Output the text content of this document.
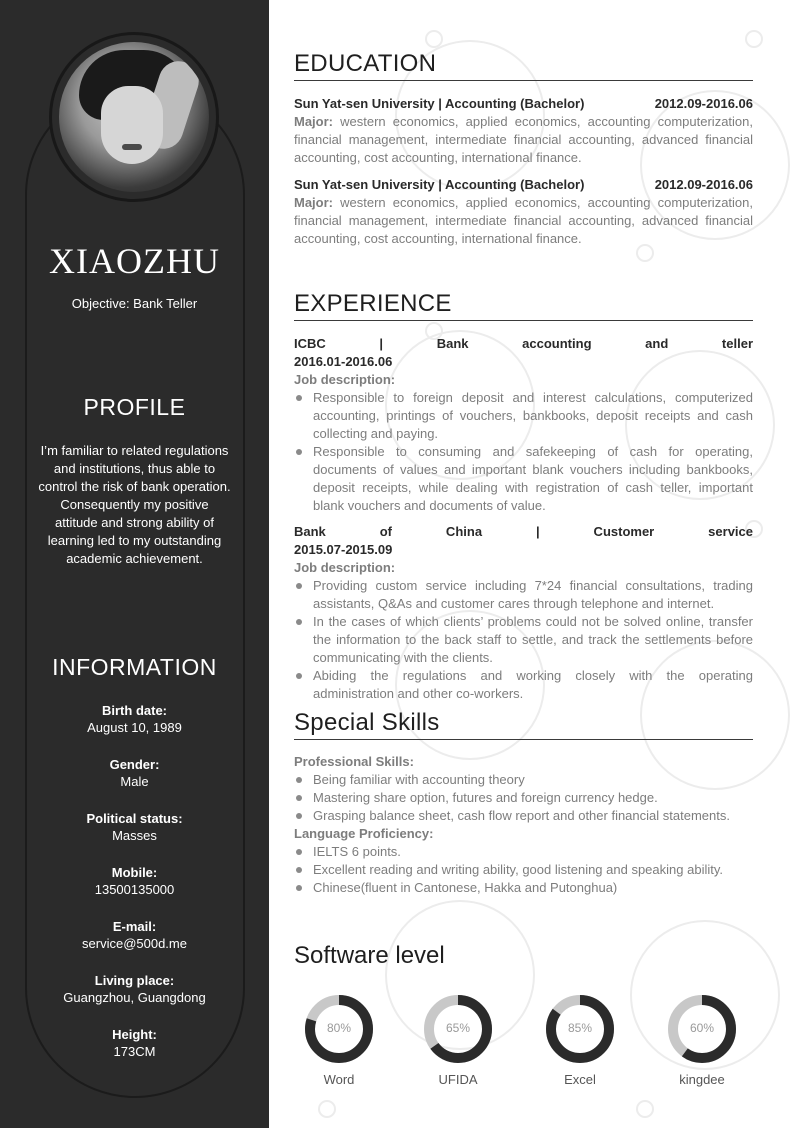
XIAOZHU
Objective: Bank Teller
PROFILE
I’m familiar to related regulations and institutions, thus able to control the risk of bank operation. Consequently my positive attitude and strong ability of learning led to my outstanding academic achievement.
INFORMATION
Birth date:
August 10, 1989
Gender:
Male
Political status:
Masses
Mobile:
13500135000
E-mail:
service@500d.me
Living place:
Guangzhou, Guangdong
Height:
173CM
EDUCATION
Sun Yat-sen University | Accounting (Bachelor)	2012.09-2016.06
Major: western economics, applied economics, accounting computerization, financial management, intermediate financial accounting, advanced financial accounting, cost accounting, international finance.
Sun Yat-sen University | Accounting (Bachelor)	2012.09-2016.06
Major: western economics, applied economics, accounting computerization, financial management, intermediate financial accounting, advanced financial accounting, cost accounting, international finance.
EXPERIENCE
ICBC | Bank accounting and teller
2016.01-2016.06
Job description:
Responsible to foreign deposit and interest calculations, computerized accounting, printings of vouchers, bankbooks, deposit receipts and cash collecting and paying.
Responsible to consuming and safekeeping of cash for operating, documents of values and important blank vouchers including bankbooks, deposit receipts, while dealing with registration of cash teller, important blank vouchers and documents of value.
Bank of China | Customer service
2015.07-2015.09
Job description:
Providing custom service including 7*24 financial consultations, trading assistants, Q&As and customer cares through telephone and internet.
In the cases of which clients’ problems could not be solved online, transfer the information to the back staff to settle, and track the settlements before communicating with the clients.
Abiding the regulations and working closely with the operating administration and other co-workers.
Special Skills
Professional Skills:
Being familiar with accounting theory
Mastering share option, futures and foreign currency hedge.
Grasping balance sheet, cash flow report and other financial statements.
Language Proficiency:
IELTS 6 points.
Excellent reading and writing ability, good listening and speaking ability.
Chinese(fluent in Cantonese, Hakka and Putonghua)
Software level
80%
Word
65%
UFIDA
85%
Excel
60%
kingdee
